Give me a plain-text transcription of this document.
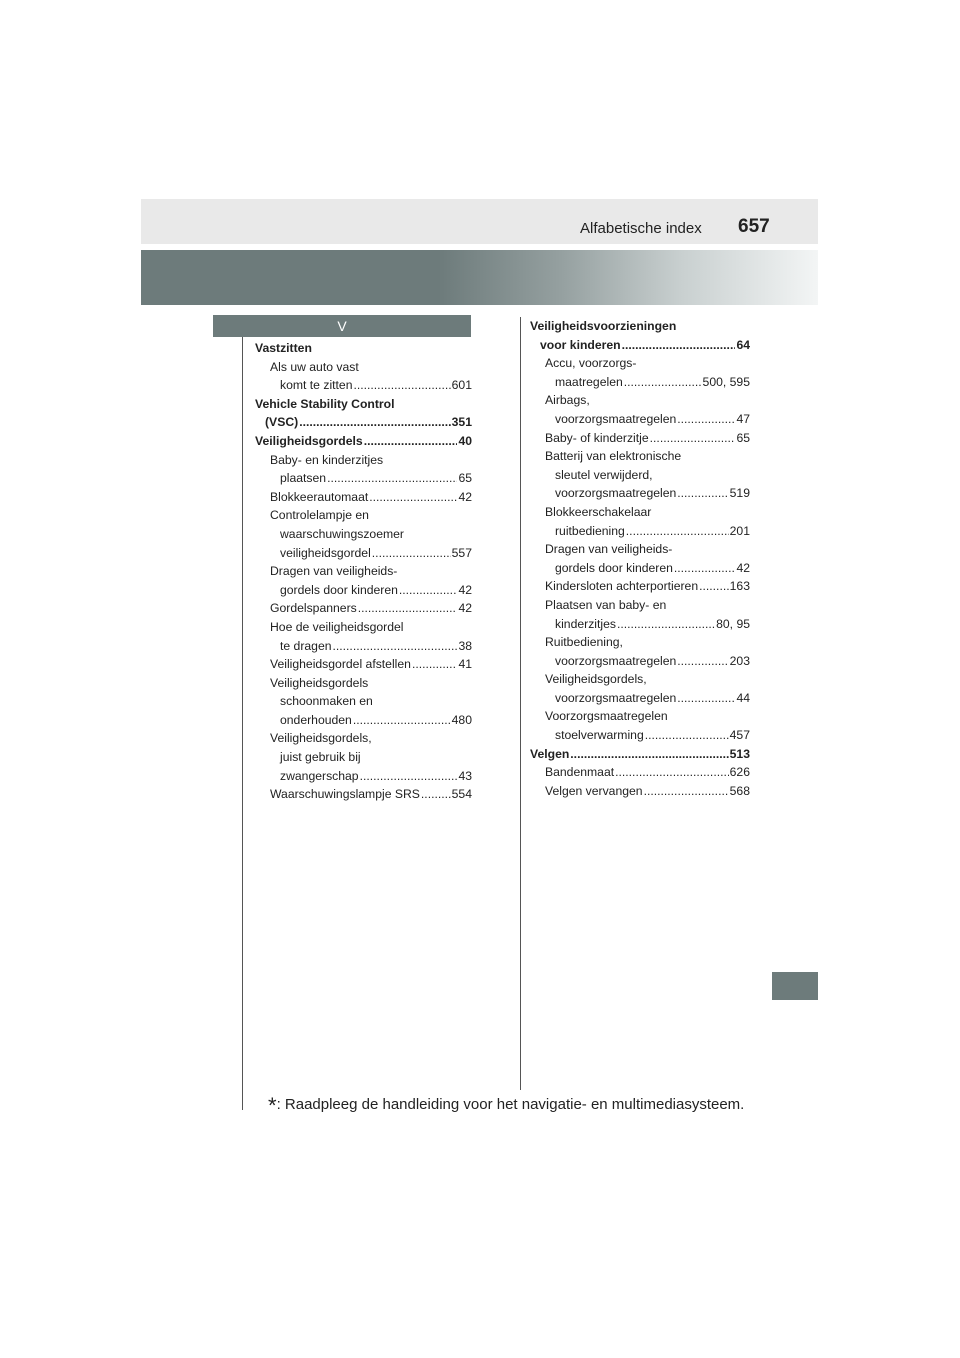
Alfabetische index 657
V
Vastzitten
Als uw auto vast
komt te zitten .....	601
Vehicle Stability Control
(VSC) .....	351
Veiligheidsgordels .....	40
Baby- en kinderzitjes
plaatsen .....	65
Blokkeerautomaat .....	42
Controlelampje en
waarschuwingszoemer
veiligheidsgordel .....	557
Dragen van veiligheids-
gordels door kinderen .....	42
Gordelspanners .....	42
Hoe de veiligheidsgordel
te dragen .....	38
Veiligheidsgordel afstellen .....	41
Veiligheidsgordels
schoonmaken en
onderhouden .....	480
Veiligheidsgordels,
juist gebruik bij
zwangerschap .....	43
Waarschuwingslampje SRS .....	554
Veiligheidsvoorzieningen
voor kinderen .....	64
Accu, voorzorgs-
maatregelen .....	500, 595
Airbags,
voorzorgsmaatregelen .....	47
Baby- of kinderzitje .....	65
Batterij van elektronische
sleutel verwijderd,
voorzorgsmaatregelen .....	519
Blokkeerschakelaar
ruitbediening .....	201
Dragen van veiligheids-
gordels door kinderen .....	42
Kindersloten achterportieren .....	163
Plaatsen van baby- en
kinderzitjes .....	80, 95
Ruitbediening,
voorzorgsmaatregelen .....	203
Veiligheidsgordels,
voorzorgsmaatregelen .....	44
Voorzorgsmaatregelen
stoelverwarming .....	457
Velgen .....	513
Bandenmaat .....	626
Velgen vervangen .....	568
*: Raadpleeg de handleiding voor het navigatie- en multimediasysteem.
